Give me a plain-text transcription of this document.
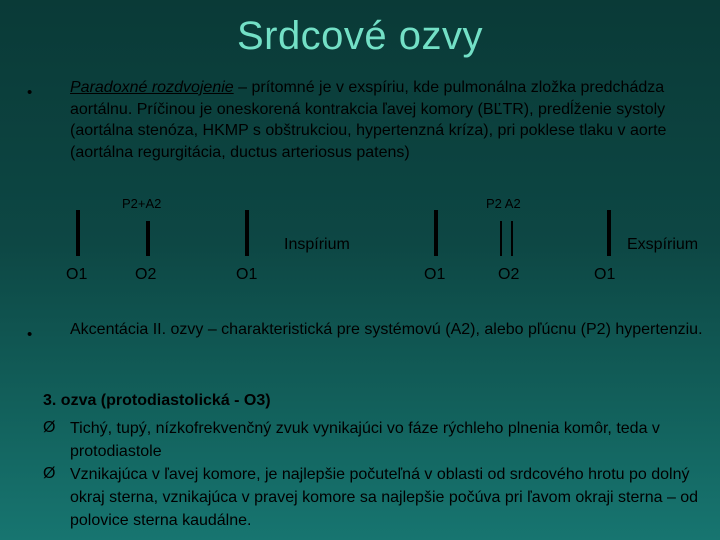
Srdcové ozvy
• Paradoxné rozdvojenie – prítomné je v exspíriu, kde pulmonálna zložka predchádza aortálnu. Príčinou je oneskorená kontrakcia ľavej komory (BĽTR), predĺženie systoly (aortálna stenóza, HKMP s obštrukciou, hypertenzná kríza), pri poklese tlaku v aorte (aortálna regurgitácia, ductus arteriosus patens)
P2+A2	P2 A2
Inspírium	Exspírium
O1	O2	O1	O1	O2	O1
• Akcentácia II. ozvy – charakteristická pre systémovú (A2), alebo pľúcnu (P2) hypertenziu.
3. ozva (protodiastolická - O3)
Ø Tichý, tupý, nízkofrekvenčný zvuk vynikajúci vo fáze rýchleho plnenia komôr, teda v protodiastole
Ø Vznikajúca v ľavej komore, je najlepšie počuteľná v oblasti od srdcového hrotu po dolný okraj sterna, vznikajúca v pravej komore sa najlepšie počúva pri ľavom okraji sterna – od polovice sterna kaudálne.
